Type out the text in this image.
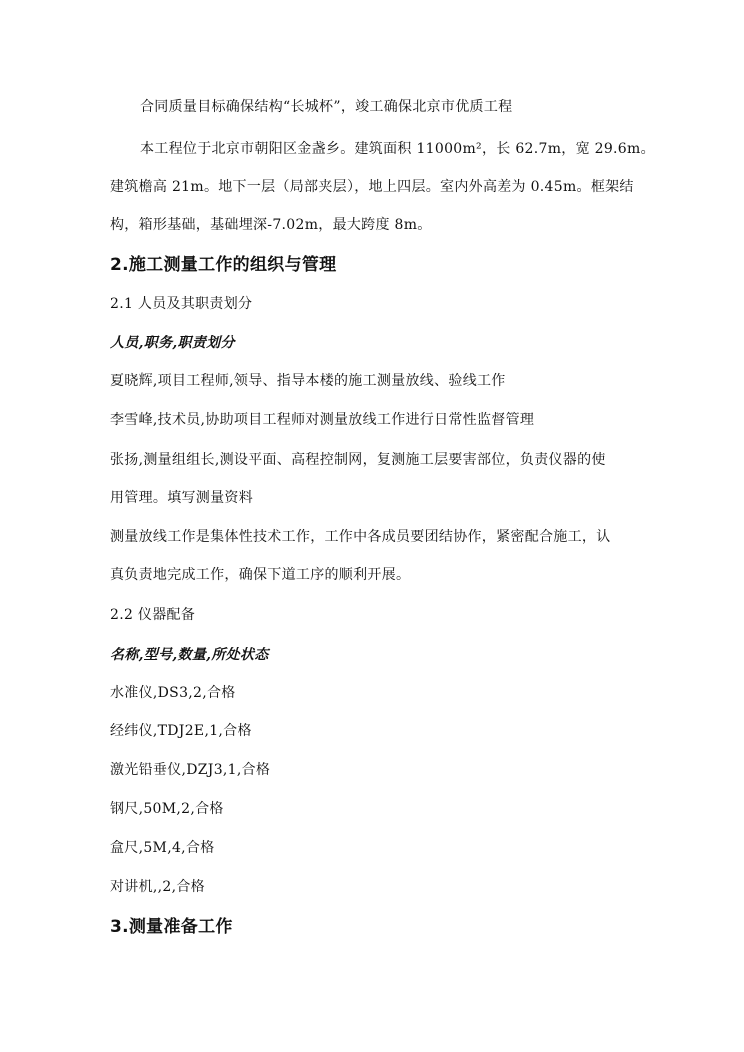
合同质量目标确保结构“长城杯”，竣工确保北京市优质工程
本工程位于北京市朝阳区金盏乡。建筑面积 11000m²，长 62.7m，宽 29.6m。
建筑檐高 21m。地下一层（局部夹层），地上四层。室内外高差为 0.45m。框架结
构，箱形基础，基础埋深-7.02m，最大跨度 8m。
2.施工测量工作的组织与管理
2.1 人员及其职责划分
人员,职务,职责划分
夏晓辉,项目工程师,领导、指导本楼的施工测量放线、验线工作
李雪峰,技术员,协助项目工程师对测量放线工作进行日常性监督管理
张扬,测量组组长,测设平面、高程控制网，复测施工层要害部位，负责仪器的使
用管理。填写测量资料
测量放线工作是集体性技术工作，工作中各成员要团结协作，紧密配合施工，认
真负责地完成工作，确保下道工序的顺利开展。
2.2 仪器配备
名称,型号,数量,所处状态
水准仪,DS3,2,合格
经纬仪,TDJ2E,1,合格
激光铅垂仪,DZJ3,1,合格
钢尺,50M,2,合格
盒尺,5M,4,合格
对讲机,,2,合格
3.测量准备工作
